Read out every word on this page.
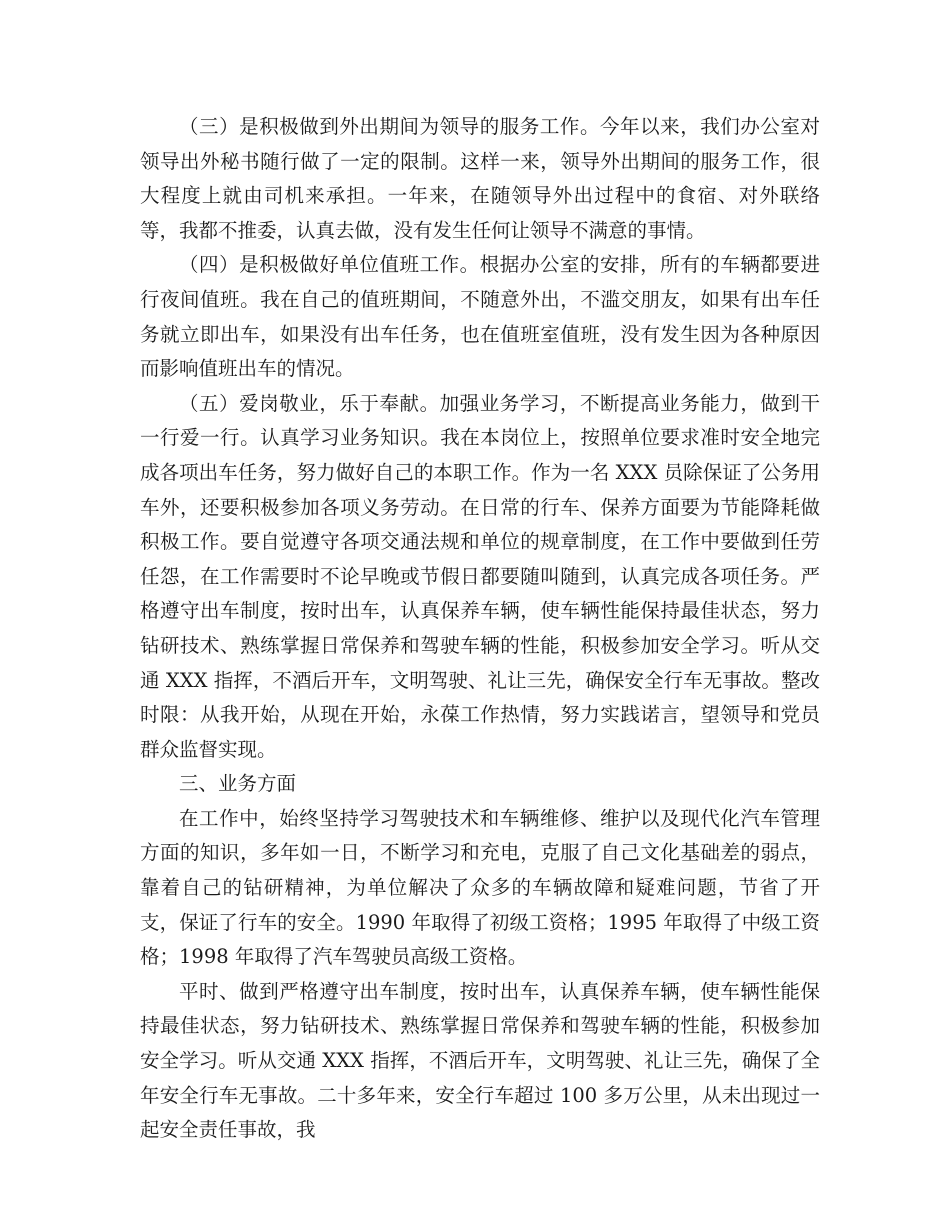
（三）是积极做到外出期间为领导的服务工作。今年以来，我们办公室对领导出外秘书随行做了一定的限制。这样一来，领导外出期间的服务工作，很大程度上就由司机来承担。一年来，在随领导外出过程中的食宿、对外联络等，我都不推委，认真去做，没有发生任何让领导不满意的事情。

（四）是积极做好单位值班工作。根据办公室的安排，所有的车辆都要进行夜间值班。我在自己的值班期间，不随意外出，不滥交朋友，如果有出车任务就立即出车，如果没有出车任务，也在值班室值班，没有发生因为各种原因而影响值班出车的情况。

（五）爱岗敬业，乐于奉献。加强业务学习，不断提高业务能力，做到干一行爱一行。认真学习业务知识。我在本岗位上，按照单位要求准时安全地完成各项出车任务，努力做好自己的本职工作。作为一名 XXX 员除保证了公务用车外，还要积极参加各项义务劳动。在日常的行车、保养方面要为节能降耗做积极工作。要自觉遵守各项交通法规和单位的规章制度，在工作中要做到任劳任怨，在工作需要时不论早晚或节假日都要随叫随到，认真完成各项任务。严格遵守出车制度，按时出车，认真保养车辆，使车辆性能保持最佳状态，努力钻研技术、熟练掌握日常保养和驾驶车辆的性能，积极参加安全学习。听从交通 XXX 指挥，不酒后开车，文明驾驶、礼让三先，确保安全行车无事故。整改时限：从我开始，从现在开始，永葆工作热情，努力实践诺言，望领导和党员群众监督实现。

三、业务方面

在工作中，始终坚持学习驾驶技术和车辆维修、维护以及现代化汽车管理方面的知识，多年如一日，不断学习和充电，克服了自己文化基础差的弱点，靠着自己的钻研精神，为单位解决了众多的车辆故障和疑难问题，节省了开支，保证了行车的安全。1990 年取得了初级工资格；1995 年取得了中级工资格；1998 年取得了汽车驾驶员高级工资格。

平时、做到严格遵守出车制度，按时出车，认真保养车辆，使车辆性能保持最佳状态，努力钻研技术、熟练掌握日常保养和驾驶车辆的性能，积极参加安全学习。听从交通 XXX 指挥，不酒后开车，文明驾驶、礼让三先，确保了全年安全行车无事故。二十多年来，安全行车超过 100 多万公里，从未出现过一起安全责任事故，我
